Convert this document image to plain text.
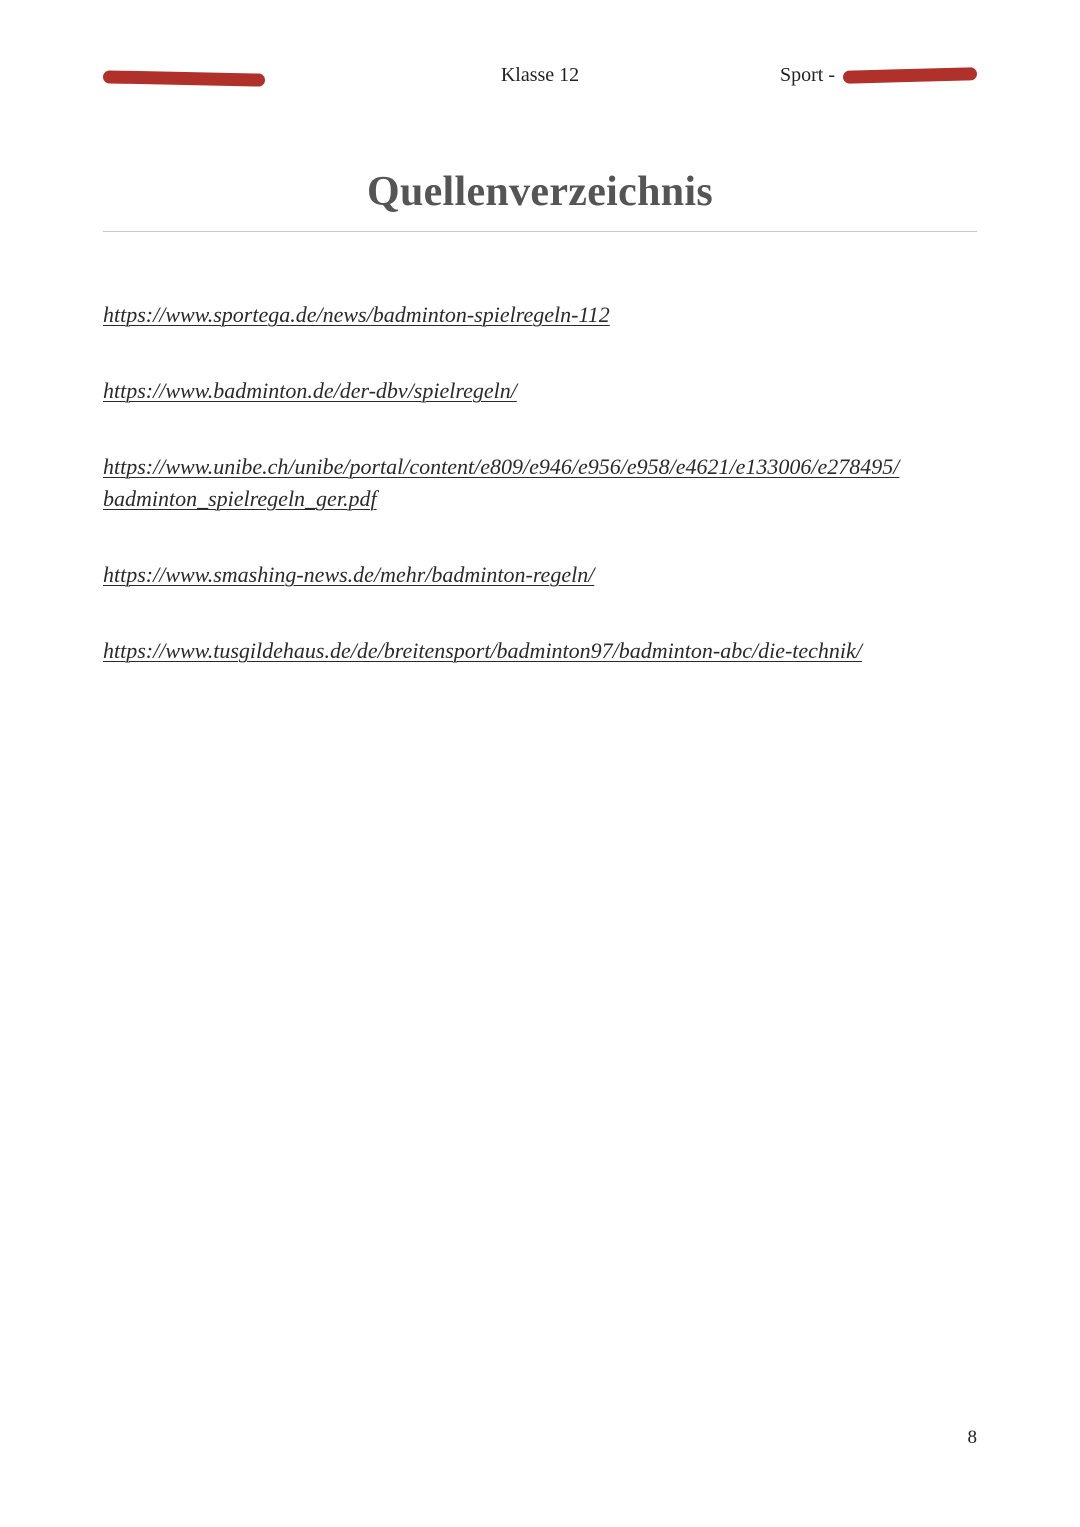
Klasse 12	Sport -
Quellenverzeichnis
https://www.sportega.de/news/badminton-spielregeln-112
https://www.badminton.de/der-dbv/spielregeln/
https://www.unibe.ch/unibe/portal/content/e809/e946/e956/e958/e4621/e133006/e278495/
badminton_spielregeln_ger.pdf
https://www.smashing-news.de/mehr/badminton-regeln/
https://www.tusgildehaus.de/de/breitensport/badminton97/badminton-abc/die-technik/
8
